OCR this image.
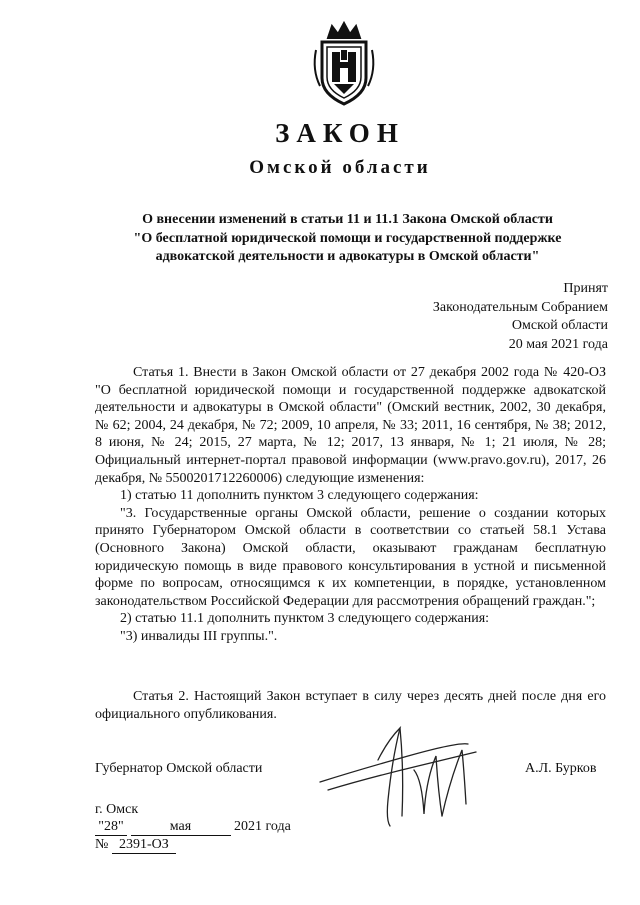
ЗАКОН
Омской области
О внесении изменений в статьи 11 и 11.1 Закона Омской области
"О бесплатной юридической помощи и государственной поддержке
адвокатской деятельности и адвокатуры в Омской области"
Принят
Законодательным Собранием
Омской области
20 мая 2021 года

Статья 1. Внести в Закон Омской области от 27 декабря 2002 года № 420-ОЗ "О бесплатной юридической помощи и государственной поддержке адвокатской деятельности и адвокатуры в Омской области" (Омский вестник, 2002, 30 декабря, № 62; 2004, 24 декабря, № 72; 2009, 10 апреля, № 33; 2011, 16 сентября, № 38; 2012, 8 июня, № 24; 2015, 27 марта, № 12; 2017, 13 января, № 1; 21 июля, № 28; Официальный интернет-портал правовой информации (www.pravo.gov.ru), 2017, 26 декабря, № 5500201712260006) следующие изменения:

1) статью 11 дополнить пунктом 3 следующего содержания:

"3. Государственные органы Омской области, решение о создании которых принято Губернатором Омской области в соответствии со статьей 58.1 Устава (Основного Закона) Омской области, оказывают гражданам бесплатную юридическую помощь в виде правового консультирования в устной и письменной форме по вопросам, относящимся к их компетенции, в порядке, установленном законодательством Российской Федерации для рассмотрения обращений граждан.";

2) статью 11.1 дополнить пунктом 3 следующего содержания:

"3) инвалиды III группы.".

Статья 2. Настоящий Закон вступает в силу через десять дней после дня его официального опубликования.

Губернатор Омской области	А.Л. Бурков
г. Омск
"28"	мая	2021 года
№ 2391-ОЗ
